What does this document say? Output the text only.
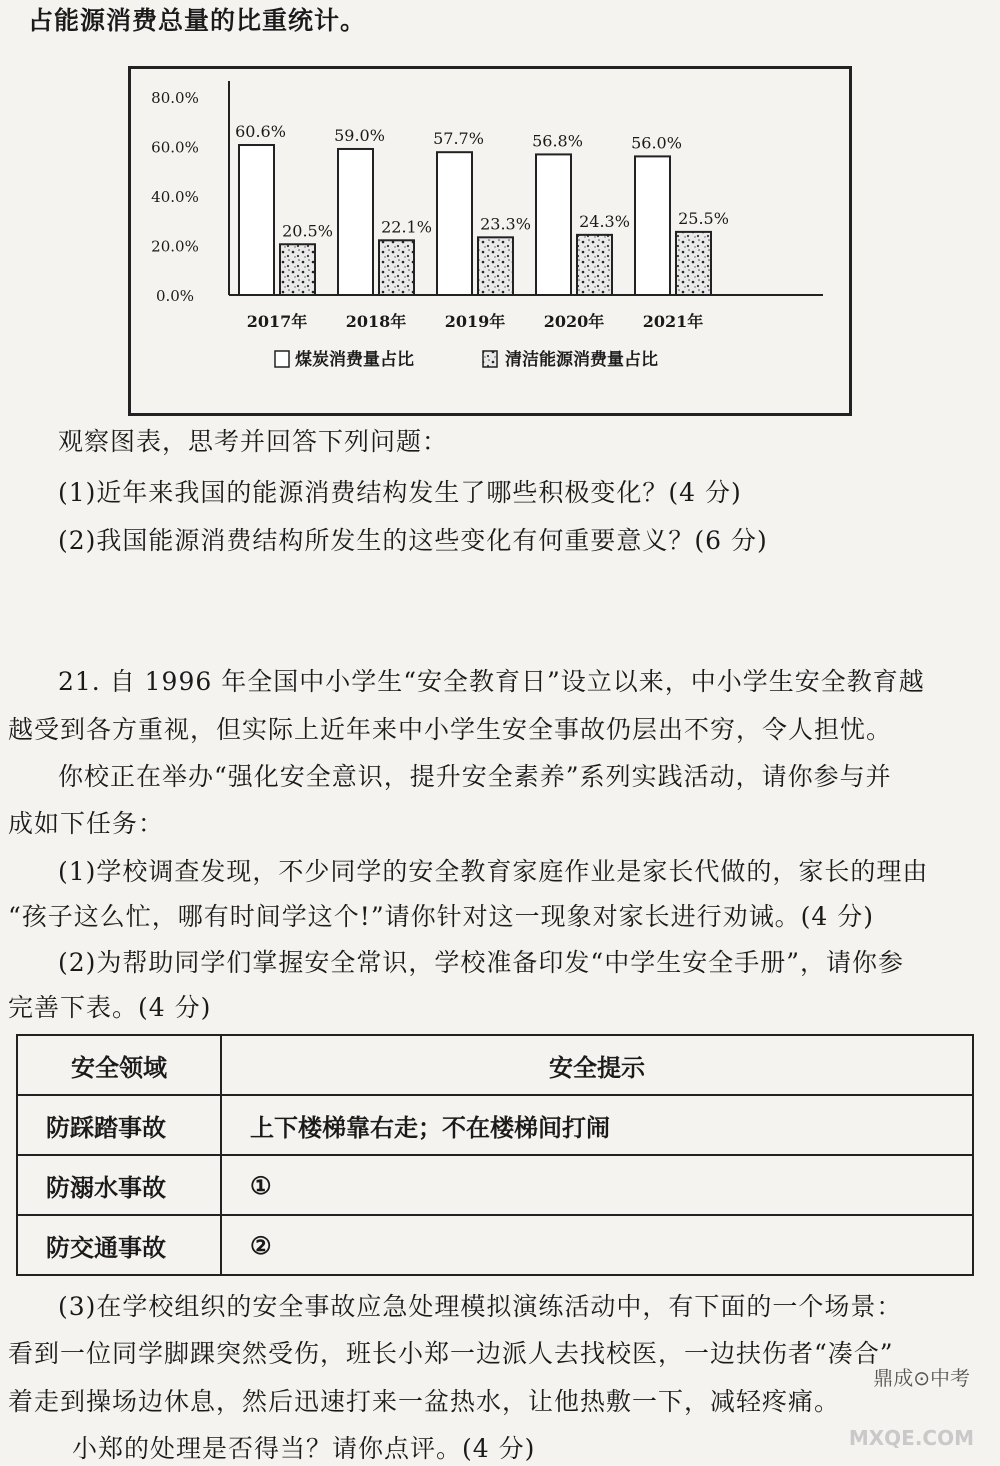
占能源消费总量的比重统计。
80.0%
60.0%
40.0%
20.0%
0.0%
60.6%
20.5%
2017年
59.0%
22.1%
2018年
57.7%
23.3%
2019年
56.8%
24.3%
2020年
56.0%
25.5%
2021年
煤炭消费量占比	清洁能源消费量占比
观察图表，思考并回答下列问题：
(1)近年来我国的能源消费结构发生了哪些积极变化？(4 分)
(2)我国能源消费结构所发生的这些变化有何重要意义？(6 分)
21. 自 1996 年全国中小学生“安全教育日”设立以来，中小学生安全教育越
越受到各方重视，但实际上近年来中小学生安全事故仍层出不穷，令人担忧。
你校正在举办“强化安全意识，提升安全素养”系列实践活动，请你参与并
成如下任务：
(1)学校调查发现，不少同学的安全教育家庭作业是家长代做的，家长的理由
“孩子这么忙，哪有时间学这个!”请你针对这一现象对家长进行劝诫。(4 分)
(2)为帮助同学们掌握安全常识，学校准备印发“中学生安全手册”，请你参
完善下表。(4 分)
安全领域	安全提示
防踩踏事故	上下楼梯靠右走；不在楼梯间打闹
防溺水事故	①
防交通事故	②
(3)在学校组织的安全事故应急处理模拟演练活动中，有下面的一个场景：
看到一位同学脚踝突然受伤，班长小郑一边派人去找校医，一边扶伤者“凑合”
着走到操场边休息，然后迅速打来一盆热水，让他热敷一下，减轻疼痛。
小郑的处理是否得当？请你点评。(4 分)
鼎成⊙中考
MXQE.COM
